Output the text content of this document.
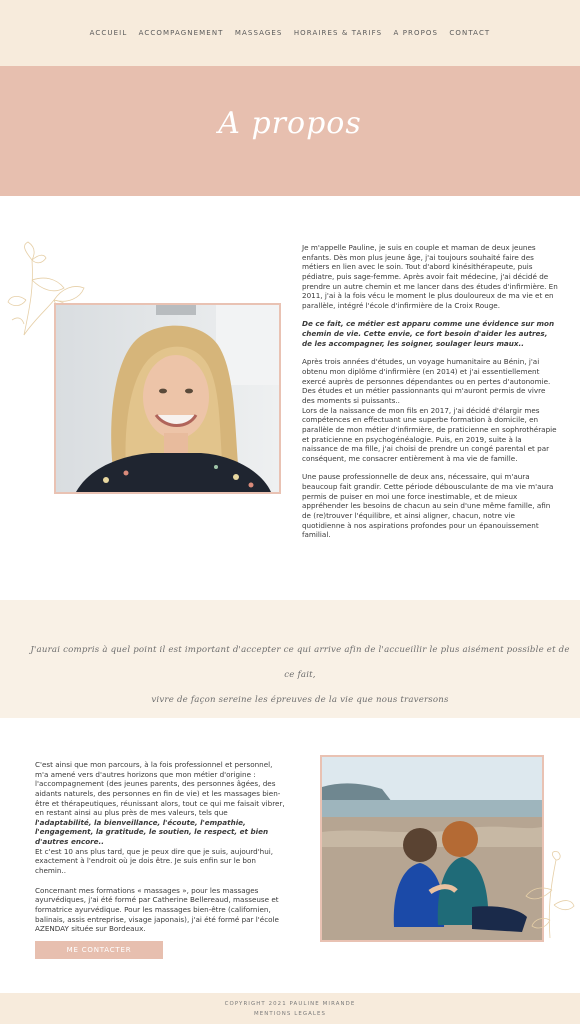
ACCUEIL ACCOMPAGNEMENT MASSAGES HORAIRES & TARIFS A PROPOS CONTACT
A propos

Je m'appelle Pauline, je suis en couple et maman de deux jeunes enfants. Dès mon plus jeune âge, j'ai toujours souhaité faire des métiers en lien avec le soin. Tout d'abord kinésithérapeute, puis pédiatre, puis sage-femme. Après avoir fait médecine, j'ai décidé de prendre un autre chemin et me lancer dans des études d'infirmière. En 2011, j'ai à la fois vécu le moment le plus douloureux de ma vie et en parallèle, intégré l'école d'infirmière de la Croix Rouge.

De ce fait, ce métier est apparu comme une évidence sur mon chemin de vie. Cette envie, ce fort besoin d'aider les autres, de les accompagner, les soigner, soulager leurs maux..

Après trois années d'études, un voyage humanitaire au Bénin, j'ai obtenu mon diplôme d'infirmière (en 2014) et j'ai essentiellement exercé auprès de personnes dépendantes ou en pertes d'autonomie. Des études et un métier passionnants qui m'auront permis de vivre des moments si puissants..

Lors de la naissance de mon fils en 2017, j'ai décidé d'élargir mes compétences en effectuant une superbe formation à domicile, en parallèle de mon métier d'infirmière, de praticienne en sophrothérapie et praticienne en psychogénéalogie. Puis, en 2019, suite à la naissance de ma fille, j'ai choisi de prendre un congé parental et par conséquent, me consacrer entièrement à ma vie de famille.

Une pause professionnelle de deux ans, nécessaire, qui m'aura beaucoup fait grandir. Cette période débousculante de ma vie m'aura permis de puiser en moi une force inestimable, et de mieux appréhender les besoins de chacun au sein d'une même famille, afin de (re)trouver l'équilibre, et ainsi aligner, chacun, notre vie quotidienne à nos aspirations profondes pour un épanouissement familial.

J'aurai compris à quel point il est important d'accepter ce qui arrive afin de l'accueillir le plus aisément possible et de ce fait,
vivre de façon sereine les épreuves de la vie que nous traversons
C'est ainsi que mon parcours, à la fois professionnel et personnel, m'a amené vers d'autres horizons que mon métier d'origine : l'accompagnement (des jeunes parents, des personnes âgées, des aidants naturels, des personnes en fin de vie) et les massages bien-être et thérapeutiques, réunissant alors, tout ce qui me faisait vibrer, en restant ainsi au plus près de mes valeurs, tels que l'adaptabilité, la bienveillance, l'écoute, l'empathie, l'engagement, la gratitude, le soutien, le respect, et bien d'autres encore..
Et c'est 10 ans plus tard, que je peux dire que je suis, aujourd'hui, exactement à l'endroit où je dois être. Je suis enfin sur le bon chemin..
Concernant mes formations « massages », pour les massages ayurvédiques, j'ai été formé par Catherine Bellereaud, masseuse et formatrice ayurvédique. Pour les massages bien-être (californien, balinais, assis entreprise, visage japonais), j'ai été formé par l'école AZENDAY située sur Bordeaux.
ME CONTACTER
COPYRIGHT 2021 PAULINE MIRANDE
MENTIONS LEGALES
